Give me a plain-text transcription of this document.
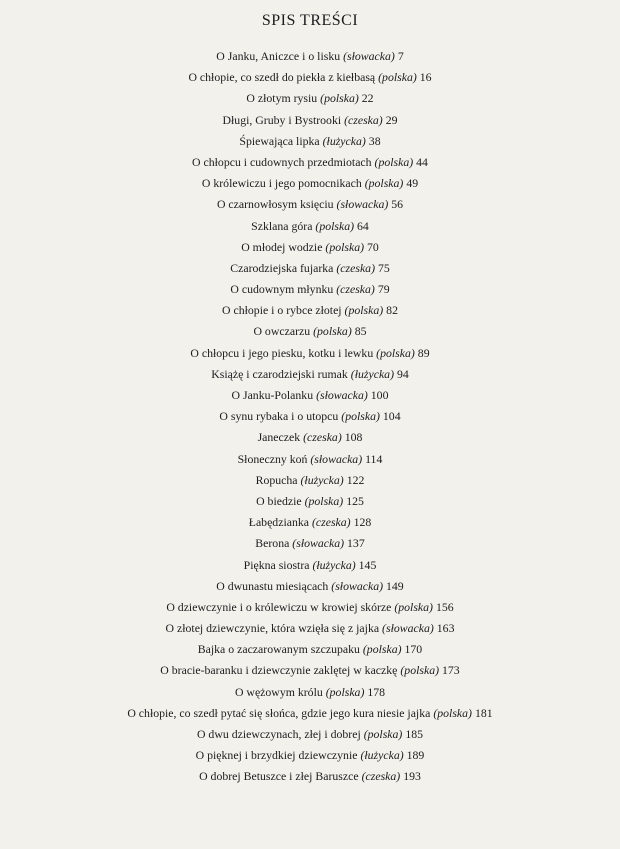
SPIS TREŚCI
O Janku, Aniczce i o lisku (słowacka) 7
O chłopie, co szedł do piekła z kiełbasą (polska) 16
O złotym rysiu (polska) 22
Długi, Gruby i Bystrooki (czeska) 29
Śpiewająca lipka (łużycka) 38
O chłopcu i cudownych przedmiotach (polska) 44
O królewiczu i jego pomocnikach (polska) 49
O czarnowłosym księciu (słowacka) 56
Szklana góra (polska) 64
O młodej wodzie (polska) 70
Czarodziejska fujarka (czeska) 75
O cudownym młynku (czeska) 79
O chłopie i o rybce złotej (polska) 82
O owczarzu (polska) 85
O chłopcu i jego piesku, kotku i lewku (polska) 89
Książę i czarodziejski rumak (łużycka) 94
O Janku-Polanku (słowacka) 100
O synu rybaka i o utopcu (polska) 104
Janeczek (czeska) 108
Słoneczny koń (słowacka) 114
Ropucha (łużycka) 122
O biedzie (polska) 125
Łabędzianka (czeska) 128
Berona (słowacka) 137
Piękna siostra (łużycka) 145
O dwunastu miesiącach (słowacka) 149
O dziewczynie i o królewiczu w krowiej skórze (polska) 156
O złotej dziewczynie, która wzięła się z jajka (słowacka) 163
Bajka o zaczarowanym szczupaku (polska) 170
O bracie-baranku i dziewczynie zaklętej w kaczkę (polska) 173
O wężowym królu (polska) 178
O chłopie, co szedł pytać się słońca, gdzie jego kura niesie jajka (polska) 181
O dwu dziewczynach, złej i dobrej (polska) 185
O pięknej i brzydkiej dziewczynie (łużycka) 189
O dobrej Betuszce i złej Baruszce (czeska) 193
